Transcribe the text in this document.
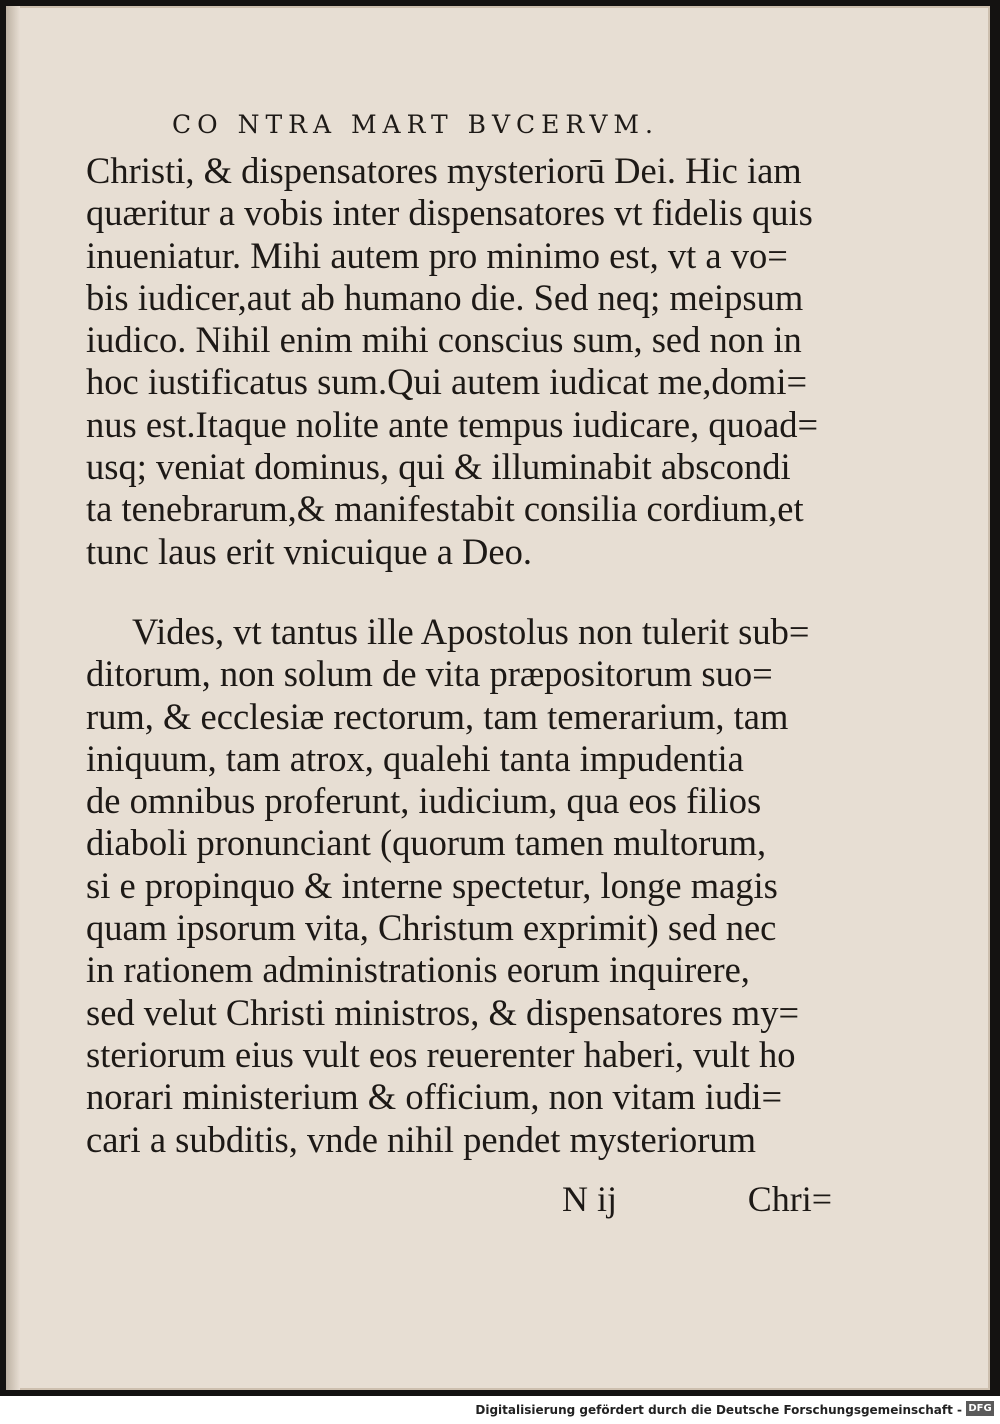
CO NTRA MART BVCERVM.
Christi, & dispensatores mysteriorū Dei. Hic iam
quæritur a vobis inter dispensatores vt fidelis quis
inueniatur. Mihi autem pro minimo est, vt a vo=
bis iudicer,aut ab humano die. Sed neq; meipsum
iudico. Nihil enim mihi conscius sum, sed non in
hoc iustificatus sum.Qui autem iudicat me,domi=
nus est.Itaque nolite ante tempus iudicare, quoad=
usq; veniat dominus, qui & illuminabit abscondi
ta tenebrarum,& manifestabit consilia cordium,et
tunc laus erit vnicuique a Deo.
Vides, vt tantus ille Apostolus non tulerit sub=
ditorum, non solum de vita præpositorum suo=
rum, & ecclesiæ rectorum, tam temerarium, tam
iniquum, tam atrox, qualehi tanta impudentia
de omnibus proferunt, iudicium, qua eos filios
diaboli pronunciant (quorum tamen multorum,
si e propinquo & interne spectetur, longe magis
quam ipsorum vita, Christum exprimit) sed nec
in rationem administrationis eorum inquirere,
sed velut Christi ministros, & dispensatores my=
steriorum eius vult eos reuerenter haberi, vult ho
norari ministerium & officium, non vitam iudi=
cari a subditis, vnde nihil pendet mysteriorum
N ij	Chri=
Digitalisierung gefördert durch die Deutsche Forschungsgemeinschaft - DFG
